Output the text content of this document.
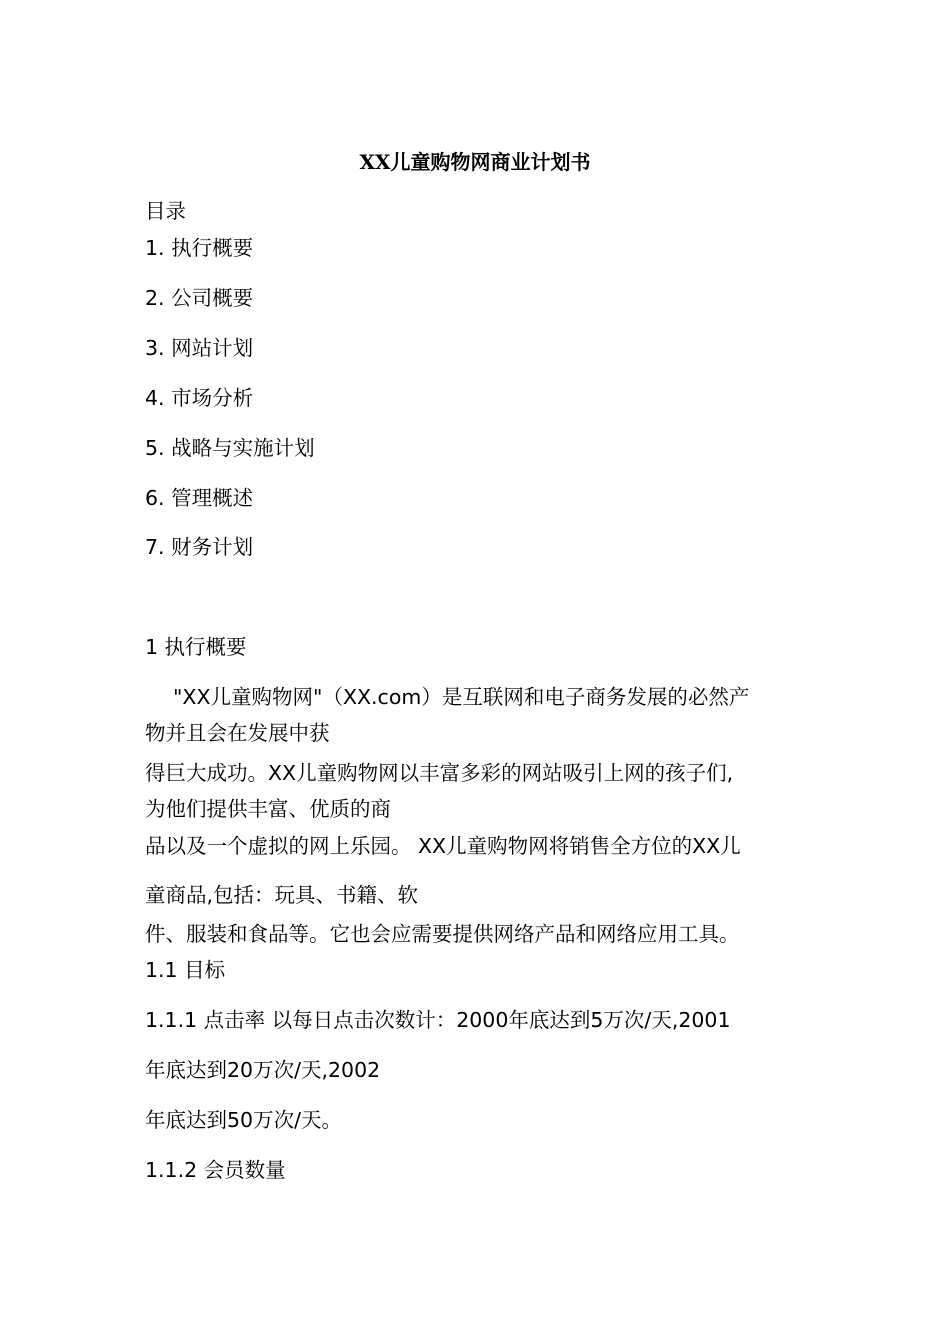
XX儿童购物网商业计划书
目录
1. 执行概要
2. 公司概要
3. 网站计划
4. 市场分析
5. 战略与实施计划
6. 管理概述
7. 财务计划
1 执行概要
"XX儿童购物网"（XX.com）是互联网和电子商务发展的必然产
物并且会在发展中获
得巨大成功。XX儿童购物网以丰富多彩的网站吸引上网的孩子们,
为他们提供丰富、优质的商
品以及一个虚拟的网上乐园。 XX儿童购物网将销售全方位的XX儿
童商品,包括：玩具、书籍、软
件、服装和食品等。它也会应需要提供网络产品和网络应用工具。
1.1 目标
1.1.1 点击率 以每日点击次数计：2000年底达到5万次/天,2001
年底达到20万次/天,2002
年底达到50万次/天。
1.1.2 会员数量
